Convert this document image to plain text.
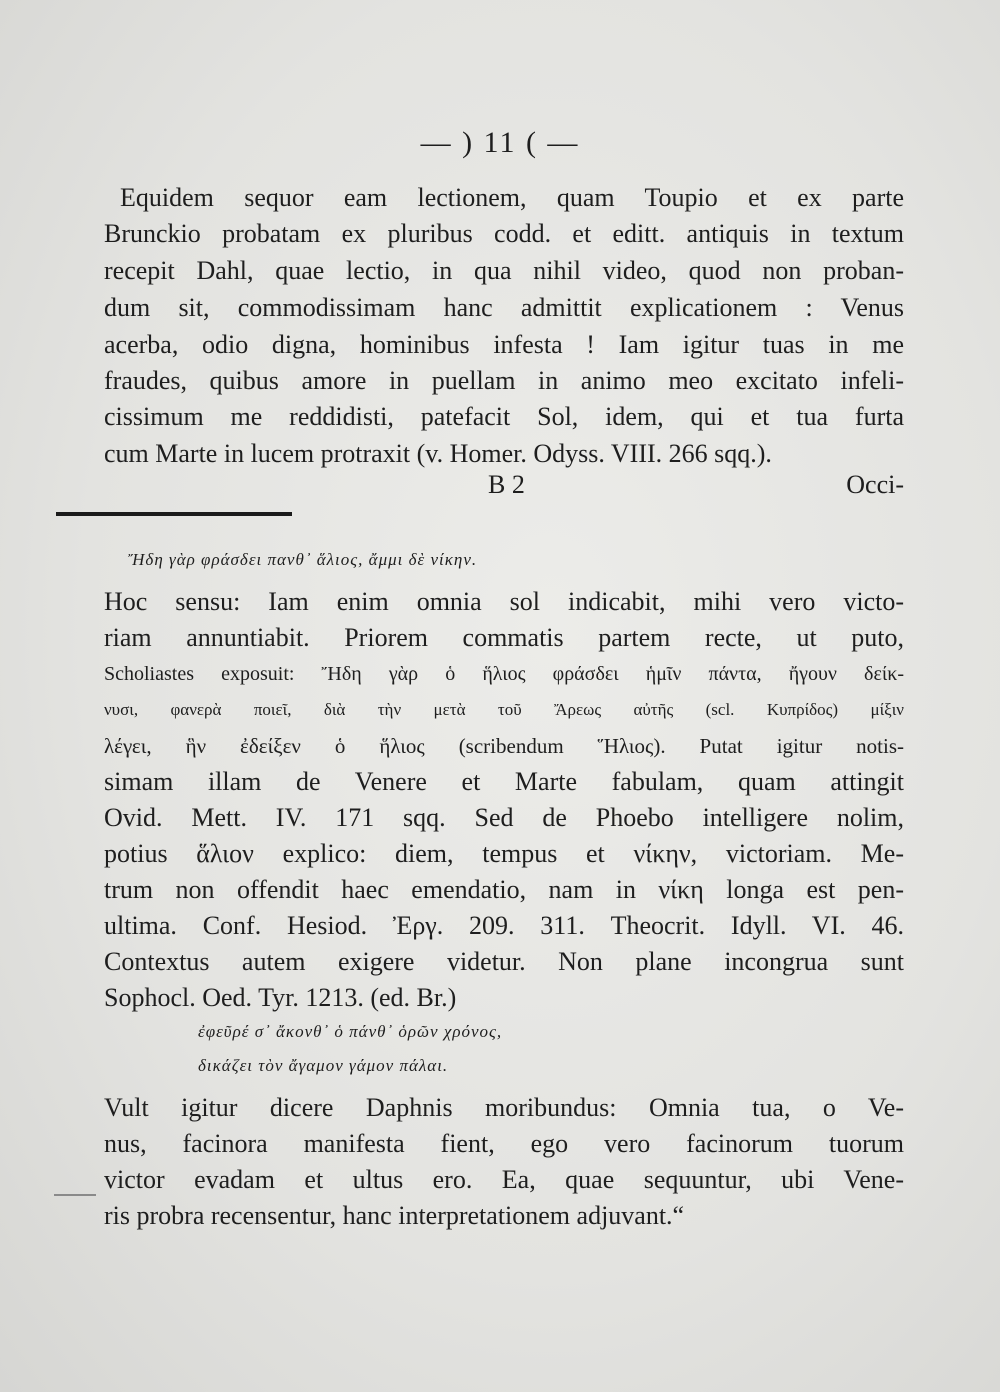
— ) 11 ( —
Equidem sequor eam lectionem, quam Toupio et ex parte
Brunckio probatam ex pluribus codd. et editt. antiquis in textum
recepit Dahl, quae lectio, in qua nihil video, quod non proban-
dum sit, commodissimam hanc admittit explicationem : Venus
acerba, odio digna, hominibus infesta ! Iam igitur tuas in me
fraudes, quibus amore in puellam in animo meo excitato infeli-
cissimum me reddidisti, patefacit Sol, idem, qui et tua furta
cum Marte in lucem protraxit (v. Homer. Odyss. VIII. 266 sqq.).
B 2	Occi-
Ἤδη γὰρ φράσδει πανθ᾽ ἅλιος, ἄμμι δὲ νίκην.
Hoc sensu: Iam enim omnia sol indicabit, mihi vero victo-
riam annuntiabit. Priorem commatis partem recte, ut puto,
Scholiastes exposuit: Ἤδη γὰρ ὁ ἥλιος φράσδει ἡμῖν πάντα, ἤγουν δείκ-
νυσι, φανερὰ ποιεῖ, διὰ τὴν μετὰ τοῦ Ἄρεως αὐτῆς (scl. Κυπρίδος) μίξιν
λέγει, ἣν ἐδείξεν ὁ ἥλιος (scribendum Ἥλιος). Putat igitur notis-
simam illam de Venere et Marte fabulam, quam attingit
Ovid. Mett. IV. 171 sqq. Sed de Phoebo intelligere nolim,
potius ἅλιον explico: diem, tempus et νίκην, victoriam. Me-
trum non offendit haec emendatio, nam in νίκη longa est pen-
ultima. Conf. Hesiod. Ἐργ. 209. 311. Theocrit. Idyll. VI. 46.
Contextus autem exigere videtur. Non plane incongrua sunt
Sophocl. Oed. Tyr. 1213. (ed. Br.)
ἐφεῦρέ σ᾽ ἄκονθ᾽ ὁ πάνθ᾽ ὁρῶν χρόνος,
δικάζει τὸν ἄγαμον γάμον πάλαι.
Vult igitur dicere Daphnis moribundus: Omnia tua, o Ve-
nus, facinora manifesta fient, ego vero facinorum tuorum
victor evadam et ultus ero. Ea, quae sequuntur, ubi Vene-
ris probra recensentur, hanc interpretationem adjuvant.“
